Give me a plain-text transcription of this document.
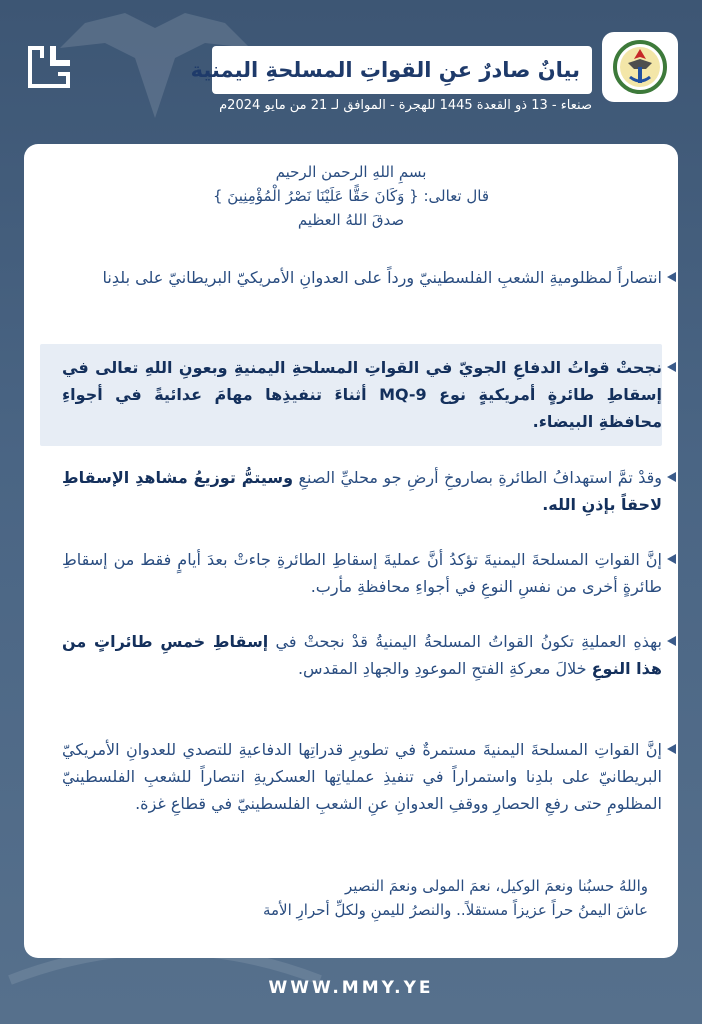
بيانٌ صادرٌ عنِ القواتِ المسلحةِ اليمنية
صنعاء - 13 ذو القعدة 1445 للهجرة - الموافق لـ 21 من مايو 2024م
بسمِ اللهِ الرحمن الرحيم
قال تعالى: { وَكَانَ حَقًّا عَلَيْنَا نَصْرُ الْمُؤْمِنِينَ }
صدقَ اللهُ العظيم
انتصاراً لمظلوميةِ الشعبِ الفلسطينيّ ورداً على العدوانِ الأمريكيّ البريطانيّ على بلدِنا
نجحتْ قواتُ الدفاعِ الجويّ في القواتِ المسلحةِ اليمنيةِ وبعونِ اللهِ تعالى في إسقاطِ طائرةٍ أمريكيةٍ نوع MQ-9 أثناءَ تنفيذِها مهامَ عدائيةً في أجواءِ محافظةِ البيضاء.
وقدْ تمَّ استهدافُ الطائرةِ بصاروخِ أرضِ جو محليِّ الصنعِ وسيتمُّ توزيعُ مشاهدِ الإسقاطِ لاحقاً بإذنِ الله.
إنَّ القواتِ المسلحةَ اليمنيةَ تؤكدُ أنَّ عمليةَ إسقاطِ الطائرةِ جاءتْ بعدَ أيامٍ فقط من إسقاطِ طائرةٍ أخرى من نفسِ النوعِ في أجواءِ محافظةِ مأرب.
بهذهِ العمليةِ تكونُ القواتُ المسلحةُ اليمنيةُ قدْ نجحتْ في إسقاطِ خمسِ طائراتٍ من هذا النوعِ خلالَ معركةِ الفتحِ الموعودِ والجهادِ المقدس.
إنَّ القواتِ المسلحةَ اليمنيةَ مستمرةٌ في تطويرِ قدراتِها الدفاعيةِ للتصدي للعدوانِ الأمريكيّ البريطانيّ على بلدِنا واستمراراً في تنفيذِ عملياتِها العسكريةِ انتصاراً للشعبِ الفلسطينيّ المظلومِ حتى رفعِ الحصارِ ووقفِ العدوانِ عنِ الشعبِ الفلسطينيّ في قطاعِ غزة.
واللهُ حسبُنا ونعمَ الوكيل، نعمَ المولى ونعمَ النصير
عاشَ اليمنُ حراً عزيزاً مستقلاً.. والنصرُ لليمنِ ولكلِّ أحرارِ الأمة
WWW.MMY.YE
